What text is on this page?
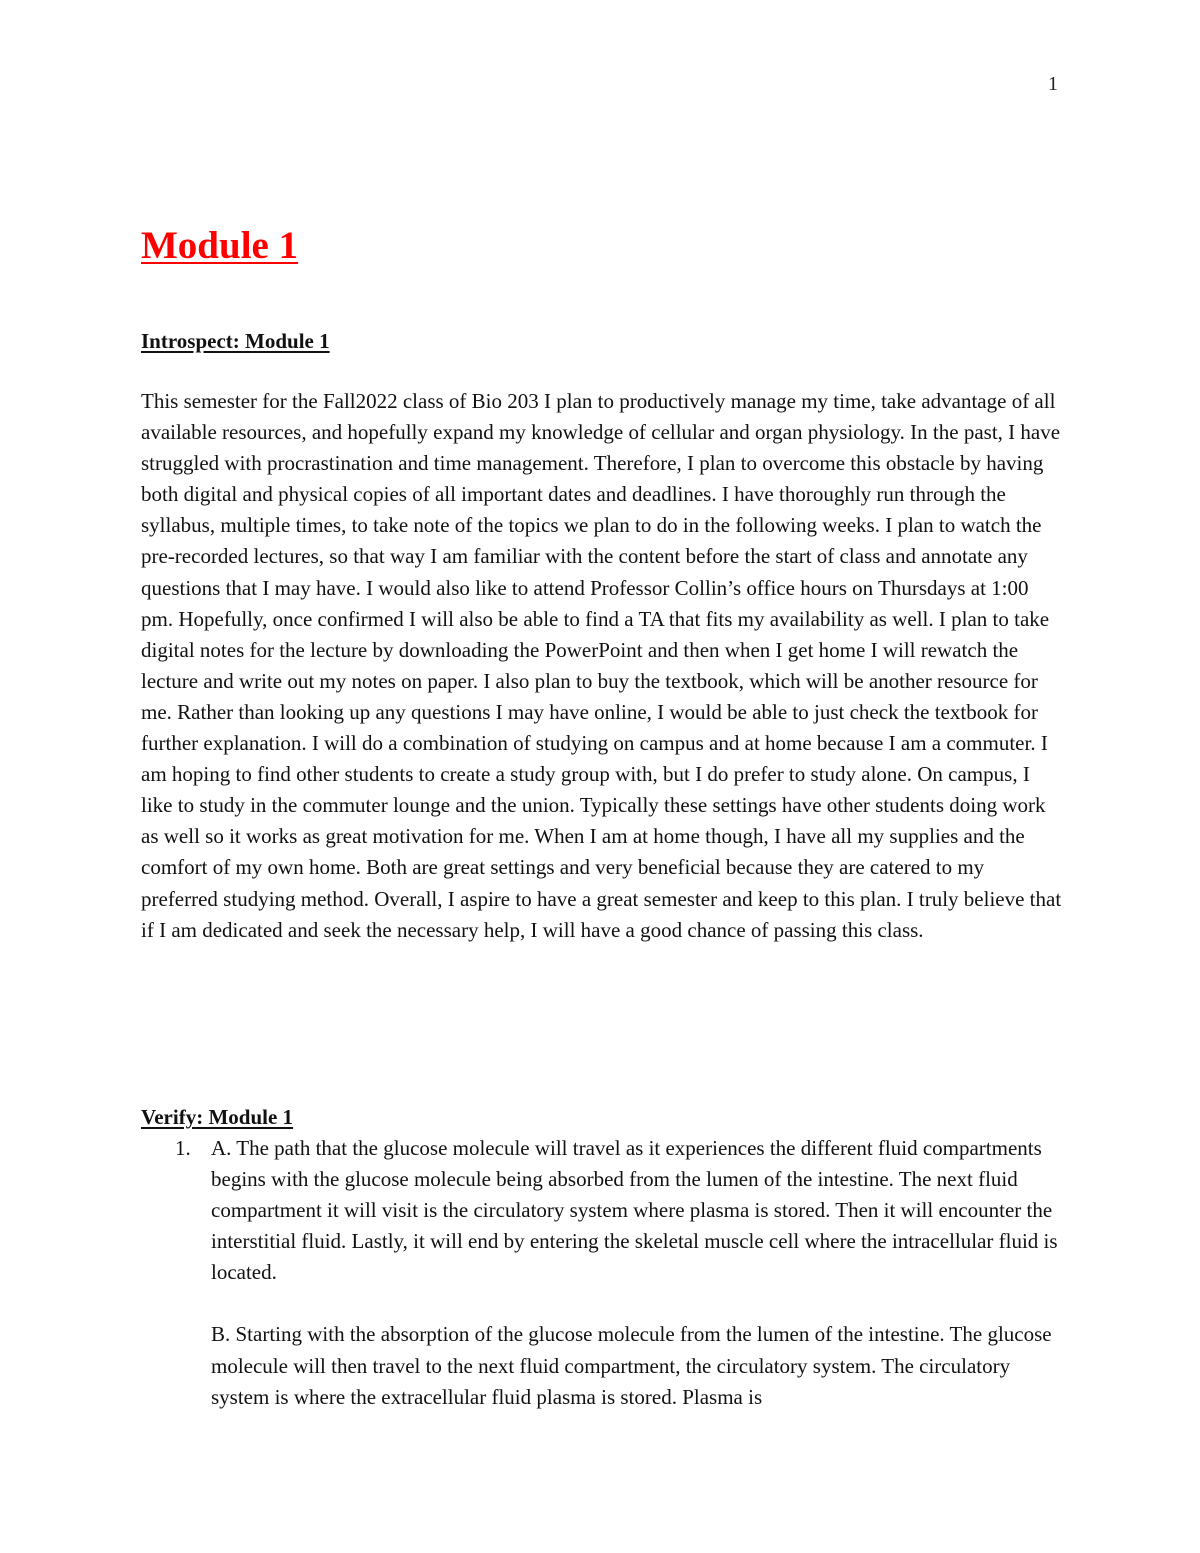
1
Module 1
Introspect: Module 1

This semester for the Fall2022 class of Bio 203 I plan to productively manage my time, take advantage of all available resources, and hopefully expand my knowledge of cellular and organ physiology. In the past, I have struggled with procrastination and time management. Therefore, I plan to overcome this obstacle by having both digital and physical copies of all important dates and deadlines. I have thoroughly run through the syllabus, multiple times, to take note of the topics we plan to do in the following weeks. I plan to watch the pre-recorded lectures, so that way I am familiar with the content before the start of class and annotate any questions that I may have. I would also like to attend Professor Collin’s office hours on Thursdays at 1:00 pm. Hopefully, once confirmed I will also be able to find a TA that fits my availability as well. I plan to take digital notes for the lecture by downloading the PowerPoint and then when I get home I will rewatch the lecture and write out my notes on paper. I also plan to buy the textbook, which will be another resource for me. Rather than looking up any questions I may have online, I would be able to just check the textbook for further explanation. I will do a combination of studying on campus and at home because I am a commuter. I am hoping to find other students to create a study group with, but I do prefer to study alone. On campus, I like to study in the commuter lounge and the union. Typically these settings have other students doing work as well so it works as great motivation for me. When I am at home though, I have all my supplies and the comfort of my own home. Both are great settings and very beneficial because they are catered to my preferred studying method. Overall, I aspire to have a great semester and keep to this plan. I truly believe that if I am dedicated and seek the necessary help, I will have a good chance of passing this class.

Verify: Module 1
1. A. The path that the glucose molecule will travel as it experiences the different fluid compartments begins with the glucose molecule being absorbed from the lumen of the intestine. The next fluid compartment it will visit is the circulatory system where plasma is stored. Then it will encounter the interstitial fluid. Lastly, it will end by entering the skeletal muscle cell where the intracellular fluid is located.

B. Starting with the absorption of the glucose molecule from the lumen of the intestine. The glucose molecule will then travel to the next fluid compartment, the circulatory system. The circulatory system is where the extracellular fluid plasma is stored. Plasma is
